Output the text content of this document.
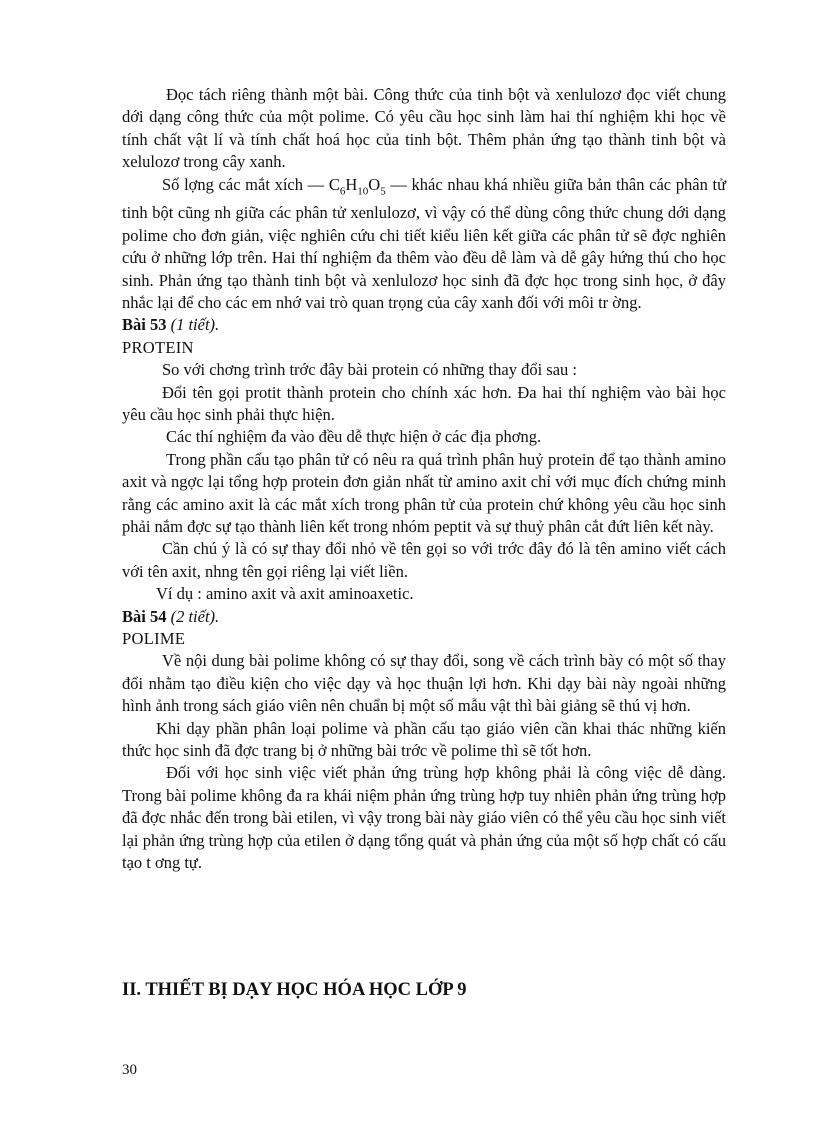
Đọc tách riêng thành một bài. Công thức của tinh bột và xenlulozơ đọc viết chung dới dạng công thức của một polime. Có yêu cầu học sinh làm hai thí nghiệm khi học về tính chất vật lí và tính chất hoá học của tinh bột. Thêm phản ứng tạo thành tinh bột và xelulozơ trong cây xanh.

Số lợng các mắt xích — $C_6H_{10}O_5$ — khác nhau khá nhiều giữa bản thân các phân tử tinh bột cũng nh giữa các phân tử xenlulozơ, vì vậy có thể dùng công thức chung dới dạng polime cho đơn giản, việc nghiên cứu chi tiết kiểu liên kết giữa các phân tử sẽ đợc nghiên cứu ở những lớp trên. Hai thí nghiệm đa thêm vào đều dễ làm và dễ gây hứng thú cho học sinh. Phản ứng tạo thành tinh bột và xenlulozơ học sinh đã đợc học trong sinh học, ở đây nhắc lại để cho các em nhớ vai trò quan trọng của cây xanh đối với môi tr ờng.

Bài 53 (1 tiết).

PROTEIN

So với chơng trình trớc đây bài protein có những thay đổi sau :

Đổi tên gọi protit thành protein cho chính xác hơn. Đa hai thí nghiệm vào bài học yêu cầu học sinh phải thực hiện.

Các thí nghiệm đa vào đều dễ thực hiện ở các địa phơng.

Trong phần cấu tạo phân tử có nêu ra quá trình phân huỷ protein để tạo thành amino axit và ngợc lại tổng hợp protein đơn giản nhất từ amino axit chỉ với mục đích chứng minh rằng các amino axit là các mắt xích trong phân tử của protein chứ không yêu cầu học sinh phải nắm đợc sự tạo thành liên kết trong nhóm peptit và sự thuỷ phân cắt đứt liên kết này.

Cần chú ý là có sự thay đổi nhỏ về tên gọi so với trớc đây đó là tên amino viết cách với tên axit, nhng tên gọi riêng lại viết liền.

Ví dụ : amino axit và axit aminoaxetic.

Bài 54 (2 tiết).

POLIME

Về nội dung bài polime không có sự thay đổi, song về cách trình bày có một số thay đổi nhằm tạo điều kiện cho việc dạy và học thuận lợi hơn. Khi dạy bài này ngoài những hình ảnh trong sách giáo viên nên chuẩn bị một số mẫu vật thì bài giảng sẽ thú vị hơn.

Khi dạy phần phân loại polime và phần cấu tạo giáo viên cần khai thác những kiến thức học sinh đã đợc trang bị ở những bài trớc về polime thì sẽ tốt hơn.

Đối với học sinh việc viết phản ứng trùng hợp không phải là công việc dễ dàng. Trong bài polime không đa ra khái niệm phản ứng trùng hợp tuy nhiên phản ứng trùng hợp đã đợc nhắc đến trong bài etilen, vì vậy trong bài này giáo viên có thể yêu cầu học sinh viết lại phản ứng trùng hợp của etilen ở dạng tổng quát và phản ứng của một số hợp chất có cấu tạo t ơng tự.

II. THIẾT BỊ DẠY HỌC HÓA HỌC LỚP 9
30
